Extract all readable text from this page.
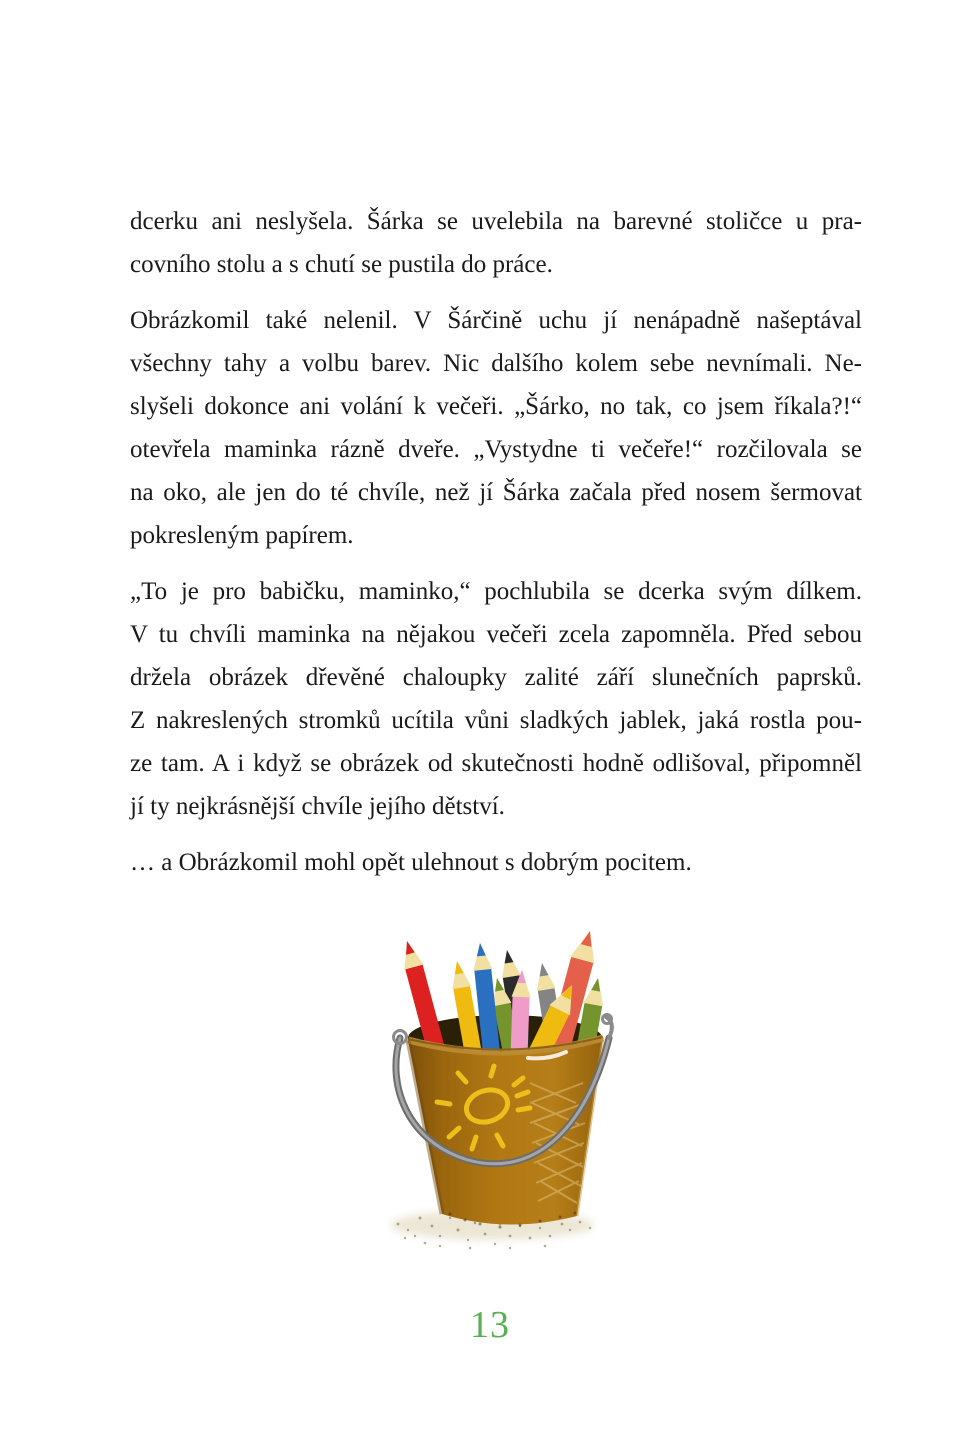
dcerku ani neslyšela. Šárka se uvelebila na barevné stoličce u pra-
covního stolu a s chutí se pustila do práce.

Obrázkomil také nelenil. V Šárčině uchu jí nenápadně našeptával
všechny tahy a volbu barev. Nic dalšího kolem sebe nevnímali. Ne-
slyšeli dokonce ani volání k večeři. „Šárko, no tak, co jsem říkala?!“
otevřela maminka rázně dveře. „Vystydne ti večeře!“ rozčilovala se
na oko, ale jen do té chvíle, než jí Šárka začala před nosem šermovat
pokresleným papírem.

„To je pro babičku, maminko,“ pochlubila se dcerka svým dílkem.
V tu chvíli maminka na nějakou večeři zcela zapomněla. Před sebou
držela obrázek dřevěné chaloupky zalité září slunečních paprsků.
Z nakreslených stromků ucítila vůni sladkých jablek, jaká rostla pou-
ze tam. A i když se obrázek od skutečnosti hodně odlišoval, připomněl
jí ty nejkrásnější chvíle jejího dětství.

… a Obrázkomil mohl opět ulehnout s dobrým pocitem.

13
